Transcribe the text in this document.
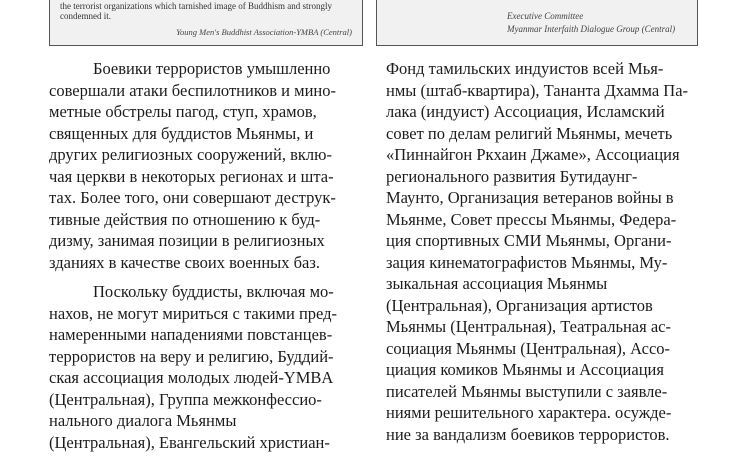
the terrorist organizations which tarnished image of Buddhism and strongly
condemned it.
Young Men's Buddhist Association-YMBA (Central)
Executive Committee
Myanmar Interfaith Dialogue Group (Central)
Боевики террористов умышленно
совершали атаки беспилотников и мино-
метные обстрелы пагод, ступ, храмов,
священных для буддистов Мьянмы, и
других религиозных сооружений, вклю-
чая церкви в некоторых регионах и шта-
тах. Более того, они совершают деструк-
тивные действия по отношению к буд-
дизму, занимая позиции в религиозных
зданиях в качестве своих военных баз.
Поскольку буддисты, включая мо-
нахов, не могут мириться с такими пред-
намеренными нападениями повстанцев-
террористов на веру и религию, Буддий-
ская ассоциация молодых людей-YMBA
(Центральная), Группа межконфессио-
нального диалога Мьянмы
(Центральная), Евангельский христиан-
Фонд тамильских индуистов всей Мья-
нмы (штаб-квартира), Тананта Дхамма Па-
лака (индуист) Ассоциация, Исламский
совет по делам религий Мьянмы, мечеть
«Пиннайгон Ркхаин Джаме», Ассоциация
регионального развития Бутидаунг-
Маунто, Организация ветеранов войны в
Мьянме, Совет прессы Мьянмы, Федера-
ция спортивных СМИ Мьянмы, Органи-
зация кинематографистов Мьянмы, Му-
зыкальная ассоциация Мьянмы
(Центральная), Организация артистов
Мьянмы (Центральная), Театральная ас-
социация Мьянмы (Центральная), Ассо-
циация комиков Мьянмы и Ассоциация
писателей Мьянмы выступили с заявле-
ниями решительного характера. осужде-
ние за вандализм боевиков террористов.
